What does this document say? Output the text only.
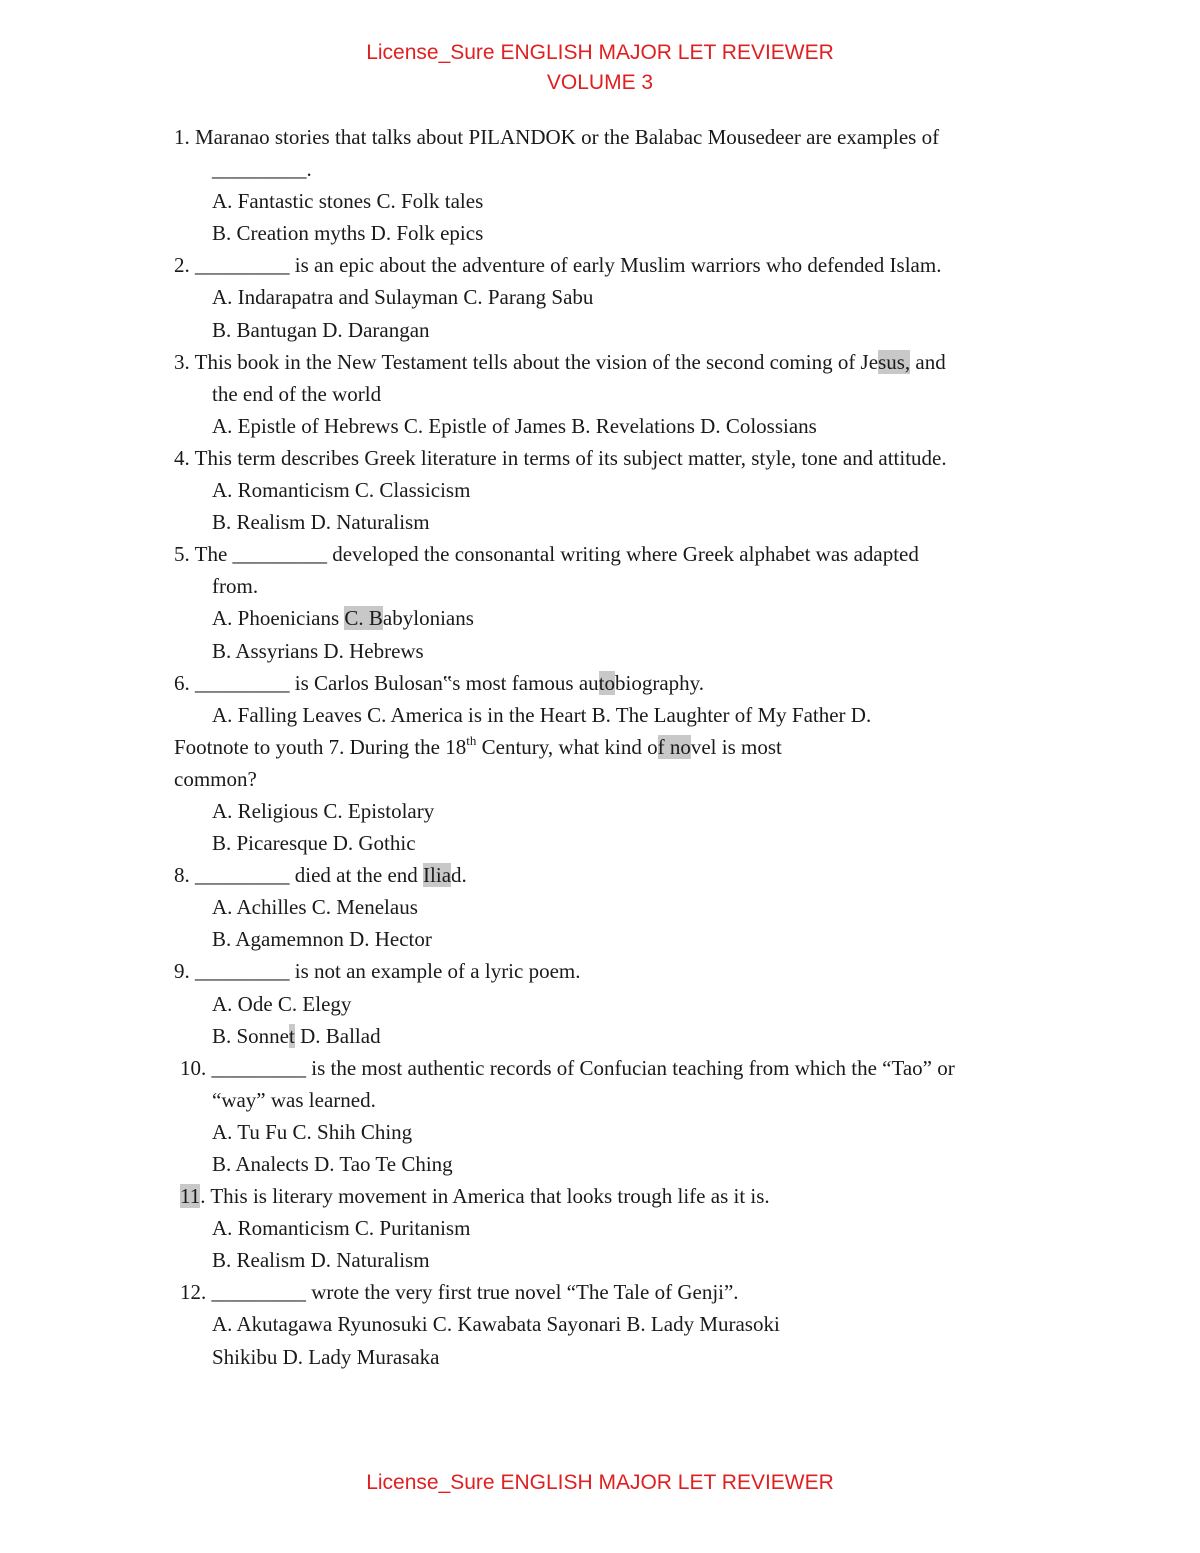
License_Sure ENGLISH MAJOR LET REVIEWER
VOLUME 3
1. Maranao stories that talks about PILANDOK or the Balabac Mousedeer are examples of
_________.
A. Fantastic stones C. Folk tales
B. Creation myths D. Folk epics
2. _________ is an epic about the adventure of early Muslim warriors who defended Islam.
A. Indarapatra and Sulayman C. Parang Sabu
B. Bantugan D. Darangan
3. This book in the New Testament tells about the vision of the second coming of Jesus, and
the end of the world
A. Epistle of Hebrews C. Epistle of James B. Revelations D. Colossians
4. This term describes Greek literature in terms of its subject matter, style, tone and attitude.
A. Romanticism C. Classicism
B. Realism D. Naturalism
5. The _________ developed the consonantal writing where Greek alphabet was adapted
from.
A. Phoenicians C. Babylonians
B. Assyrians D. Hebrews
6. _________ is Carlos Bulosan‟s most famous autobiography.
A. Falling Leaves C. America is in the Heart B. The Laughter of My Father D.
Footnote to youth 7. During the 18th Century, what kind of novel is most
common?
A. Religious C. Epistolary
B. Picaresque D. Gothic
8. _________ died at the end Iliad.
A. Achilles C. Menelaus
B. Agamemnon D. Hector
9. _________ is not an example of a lyric poem.
A. Ode C. Elegy
B. Sonnet D. Ballad
10. _________ is the most authentic records of Confucian teaching from which the “Tao” or
“way” was learned.
A. Tu Fu C. Shih Ching
B. Analects D. Tao Te Ching
11. This is literary movement in America that looks trough life as it is.
A. Romanticism C. Puritanism
B. Realism D. Naturalism
12. _________ wrote the very first true novel “The Tale of Genji”.
A. Akutagawa Ryunosuki C. Kawabata Sayonari B. Lady Murasoki
Shikibu D. Lady Murasaka
License_Sure ENGLISH MAJOR LET REVIEWER
